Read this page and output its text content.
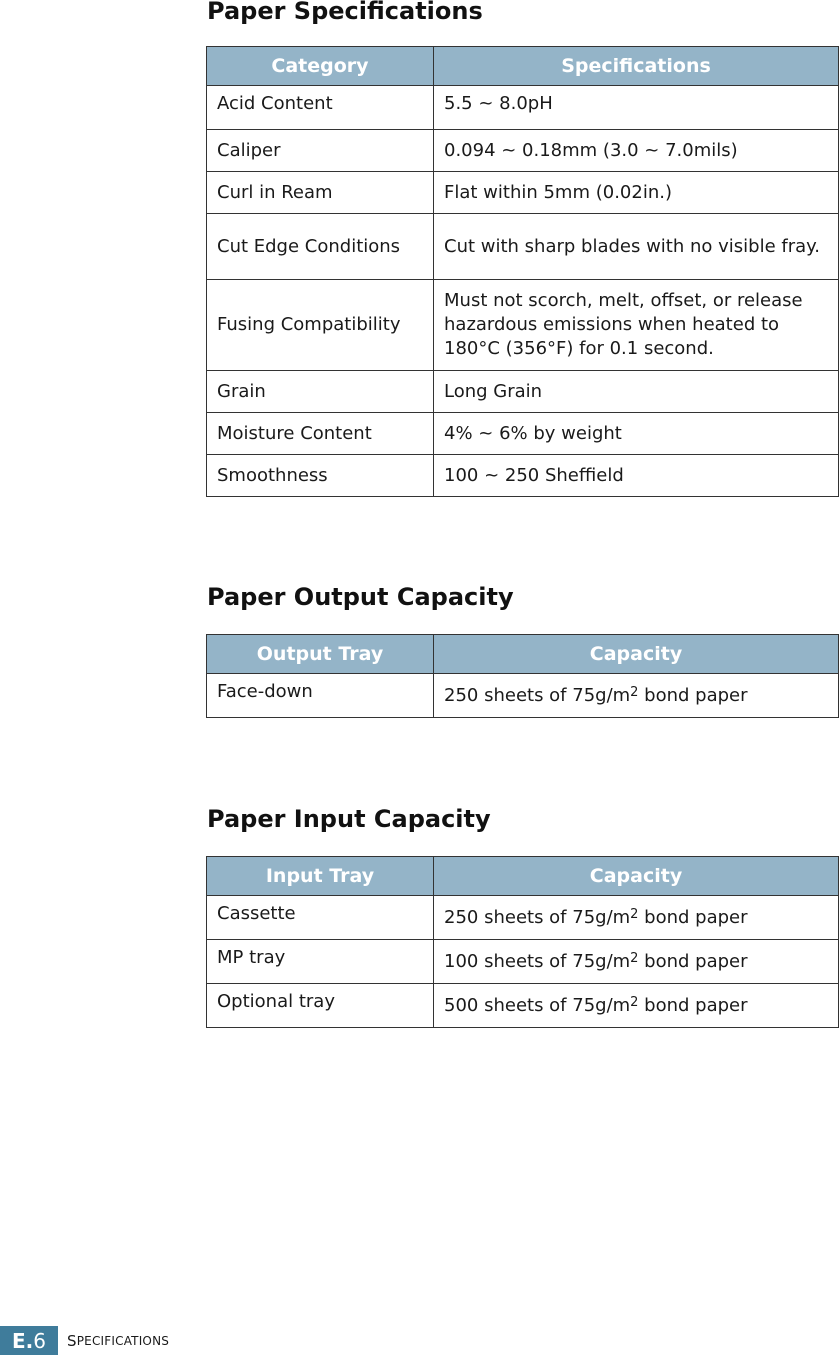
Paper Specifications
Category	Specifications
Acid Content	5.5 ~ 8.0pH
Caliper	0.094 ~ 0.18mm (3.0 ~ 7.0mils)
Curl in Ream	Flat within 5mm (0.02in.)
Cut Edge Conditions	Cut with sharp blades with no visible fray.
Fusing Compatibility	Must not scorch, melt, offset, or release hazardous emissions when heated to 180°C (356°F) for 0.1 second.
Grain	Long Grain
Moisture Content	4% ~ 6% by weight
Smoothness	100 ~ 250 Sheffield
Paper Output Capacity
Output Tray	Capacity
Face-down	250 sheets of $75g/m^2$ bond paper
Paper Input Capacity
Input Tray	Capacity
Cassette	250 sheets of $75g/m^2$ bond paper
MP tray	100 sheets of $75g/m^2$ bond paper
Optional tray	500 sheets of $75g/m^2$ bond paper
E. 6 S PECIFICATIONS
